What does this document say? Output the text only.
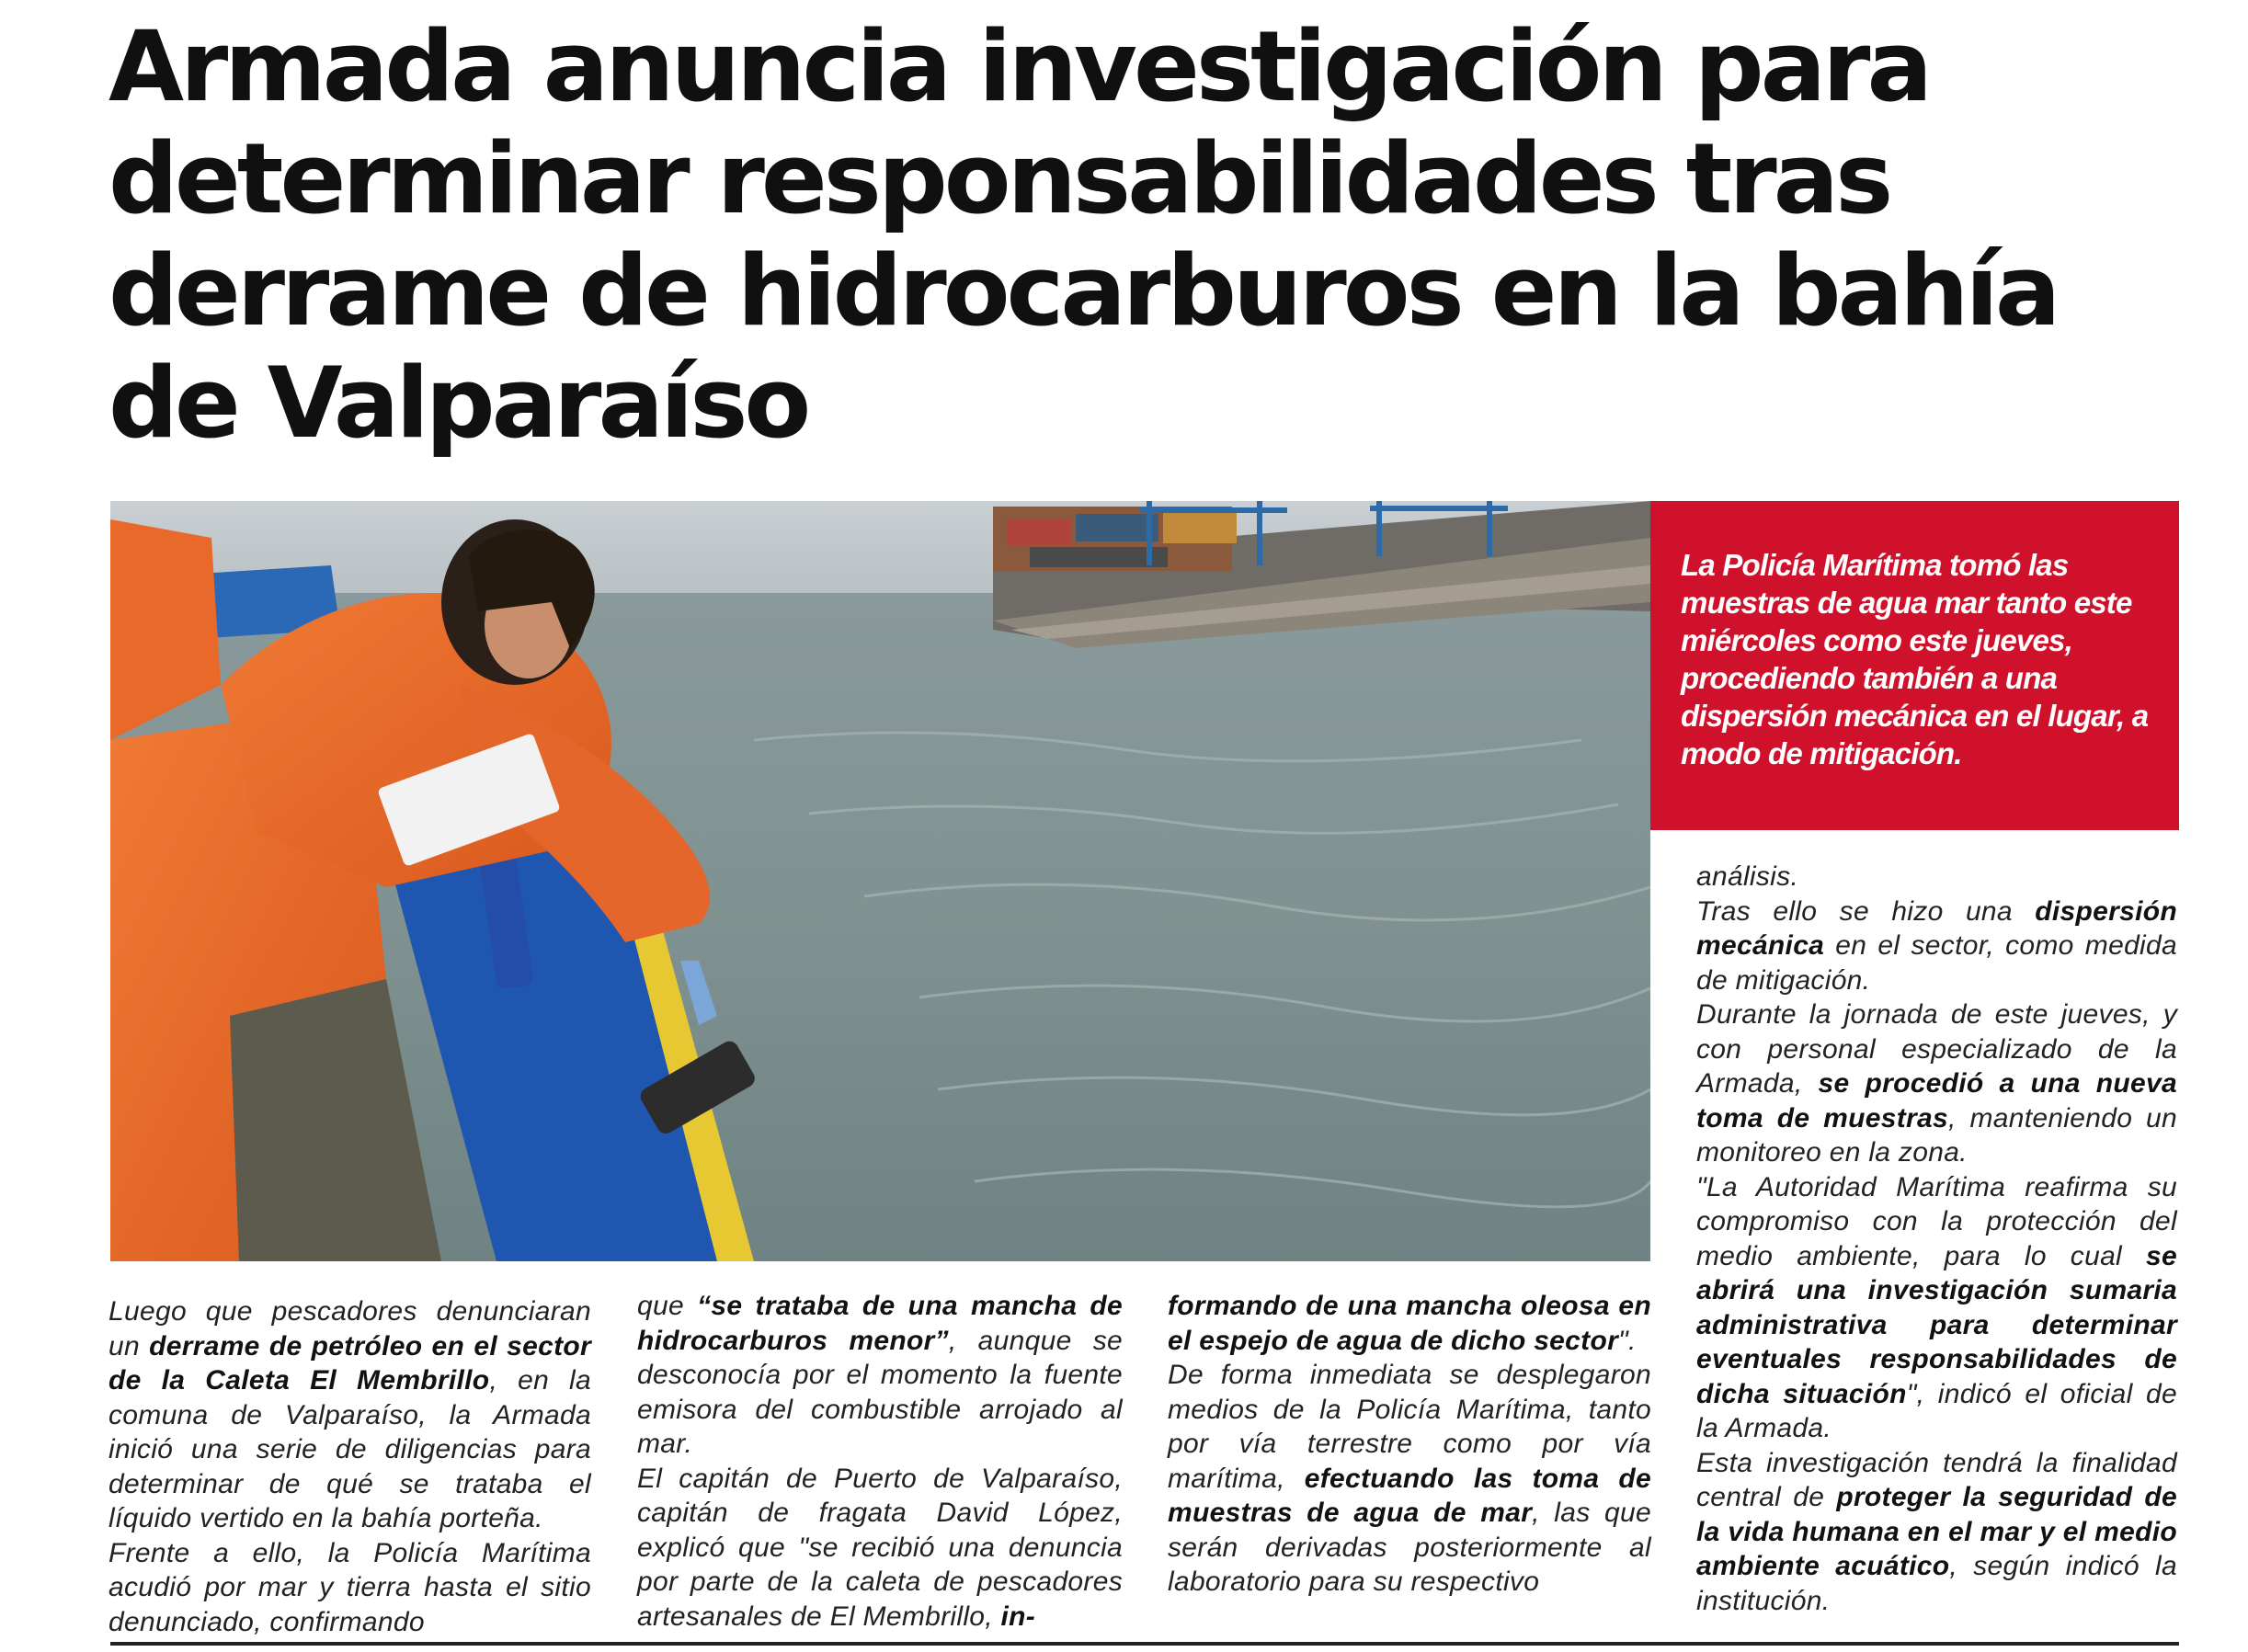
Armada anuncia investigación para determinar responsabilidades tras derrame de hidrocarburos en la bahía de Valparaíso

La Policía Marítima tomó las muestras de agua mar tanto este miércoles como este jueves, procediendo también a una dispersión mecánica en el lugar, a modo de mitigación.

Luego que pescadores denunciaran un derrame de petróleo en el sector de la Caleta El Membrillo, en la comuna de Valparaíso, la Armada inició una serie de diligencias para determinar de qué se trataba el líquido vertido en la bahía porteña.

Frente a ello, la Policía Marítima acudió por mar y tierra hasta el sitio denunciado, confirmando

que “se trataba de una mancha de hidrocarburos menor”, aunque se desconocía por el momento la fuente emisora del combustible arrojado al mar.

El capitán de Puerto de Valparaíso, capitán de fragata David López, explicó que "se recibió una denuncia por parte de la caleta de pescadores artesanales de El Membrillo, in-

formando de una mancha oleosa en el espejo de agua de dicho sector".

De forma inmediata se desplegaron medios de la Policía Marítima, tanto por vía terrestre como por vía marítima, efectuando las toma de muestras de agua de mar, las que serán derivadas posteriormente al laboratorio para su respectivo

análisis.

Tras ello se hizo una dispersión mecánica en el sector, como medida de mitigación.

Durante la jornada de este jueves, y con personal especializado de la Armada, se procedió a una nueva toma de muestras, manteniendo un monitoreo en la zona.

"La Autoridad Marítima reafirma su compromiso con la protección del medio ambiente, para lo cual se abrirá una investigación sumaria administrativa para determinar eventuales responsabilidades de dicha situación", indicó el oficial de la Armada.

Esta investigación tendrá la finalidad central de proteger la seguridad de la vida humana en el mar y el medio ambiente acuático, según indicó la institución.
